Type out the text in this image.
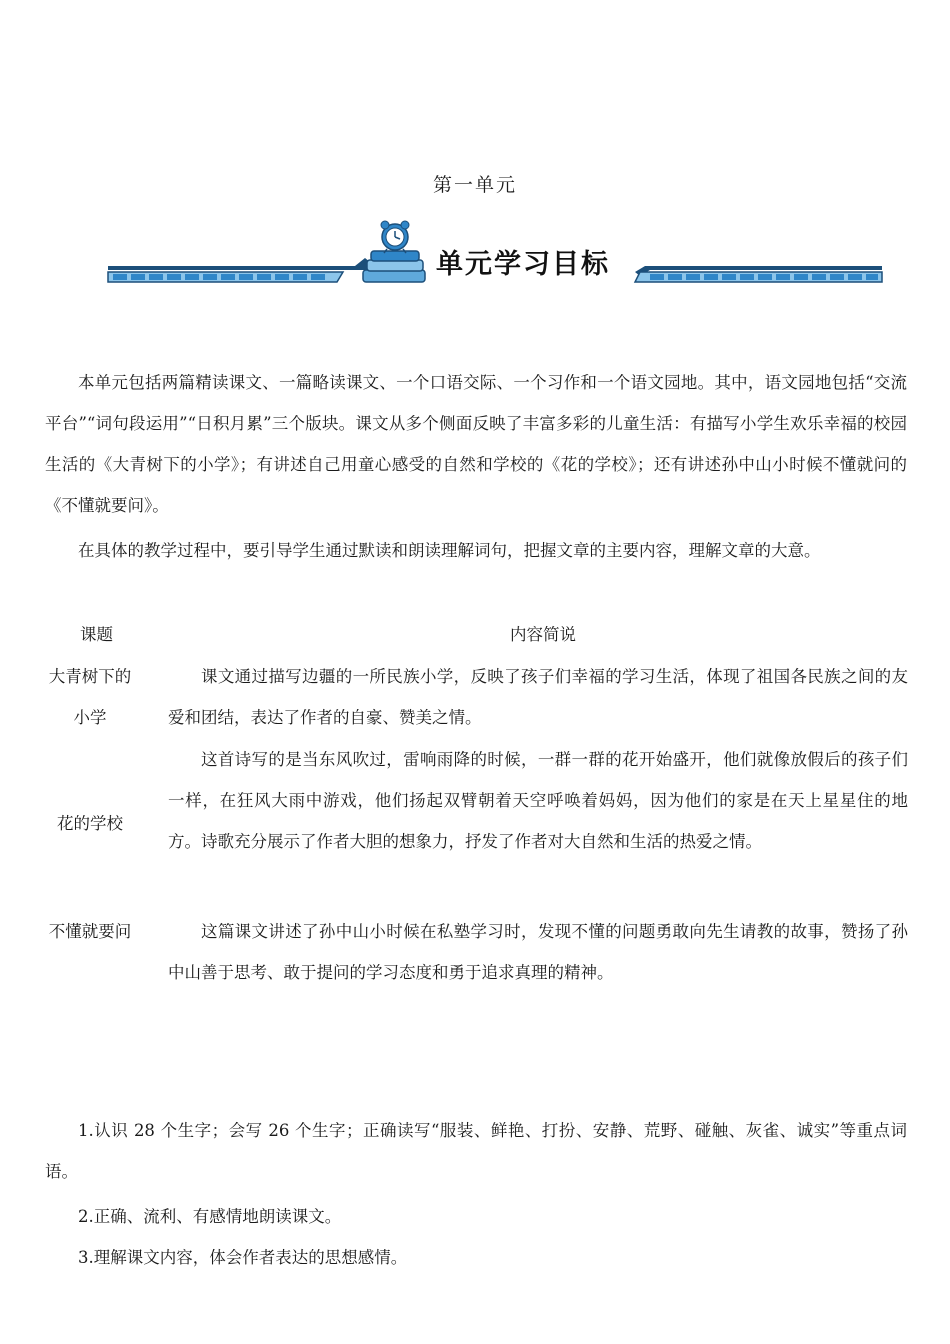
第一单元
单元学习目标

本单元包括两篇精读课文、一篇略读课文、一个口语交际、一个习作和一个语文园地。其中，语文园地包括“交流平台”“词句段运用”“日积月累”三个版块。课文从多个侧面反映了丰富多彩的儿童生活：有描写小学生欢乐幸福的校园生活的《大青树下的小学》；有讲述自己用童心感受的自然和学校的《花的学校》；还有讲述孙中山小时候不懂就问的《不懂就要问》。

在具体的教学过程中，要引导学生通过默读和朗读理解词句，把握文章的主要内容，理解文章的大意。

课题	内容简说
大青树下的小学

课文通过描写边疆的一所民族小学，反映了孩子们幸福的学习生活，体现了祖国各民族之间的友爱和团结，表达了作者的自豪、赞美之情。

花的学校

这首诗写的是当东风吹过，雷响雨降的时候，一群一群的花开始盛开，他们就像放假后的孩子们一样，在狂风大雨中游戏，他们扬起双臂朝着天空呼唤着妈妈，因为他们的家是在天上星星住的地方。诗歌充分展示了作者大胆的想象力，抒发了作者对大自然和生活的热爱之情。

不懂就要问	这篇课文讲述了孙中山小时候在私塾学习时，发现不懂的问题勇敢向先生请教的故事，赞扬了孙中山善于思考、敢于提问的学习态度和勇于追求真理的精神。

1.认识 28 个生字；会写 26 个生字；正确读写“服装、鲜艳、打扮、安静、荒野、碰触、灰雀、诚实”等重点词语。

2.正确、流利、有感情地朗读课文。

3.理解课文内容，体会作者表达的思想感情。
